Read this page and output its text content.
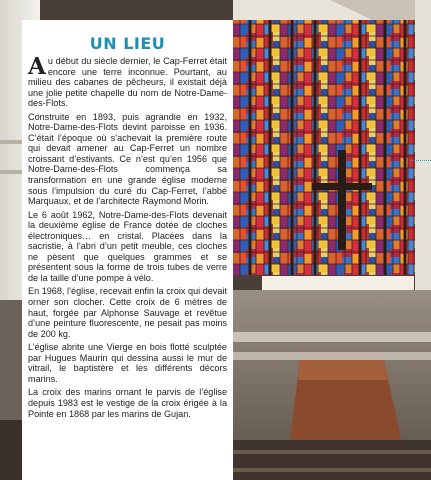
UN LIEU

Au début du siècle dernier, le Cap-Ferret était encore une terre inconnue. Pourtant, au milieu des cabanes de pêcheurs, il existait déjà une jolie petite chapelle du nom de Notre-Dame-des-Flots.

Construite en 1893, puis agrandie en 1932, Notre-Dame-des-Flots devint paroisse en 1936. C’était l’époque où s’achevait la première route qui devait amener au Cap-Ferret un nombre croissant d’estivants. Ce n’est qu’en 1956 que Notre-Dame-des-Flots commença sa transformation en une grande église moderne sous l’impulsion du curé du Cap-Ferret, l’abbé Marquaux, et de l’architecte Raymond Morin.

Le 6 août 1962, Notre-Dame-des-Flots devenait la deuxième église de France dotée de cloches électroniques… en cristal. Placées dans la sacristie, à l’abri d’un petit meuble, ces cloches ne pèsent que quelques grammes et se présentent sous la forme de trois tubes de verre de la taille d’une pompe à vélo.

En 1968, l’église, recevait enfin la croix qui devait orner son clocher. Cette croix de 6 mètres de haut, forgée par Alphonse Sauvage et revêtue d’une peinture fluorescente, ne pesait pas moins de 200 kg.

L’église abrite une Vierge en bois flotté sculptée par Hugues Maurin qui dessina aussi le mur de vitrail, le baptistère et les différents décors marins.

La croix des marins ornant le parvis de l’église depuis 1983 est le vestige de la croix érigée à la Pointe en 1868 par les marins de Gujan.
